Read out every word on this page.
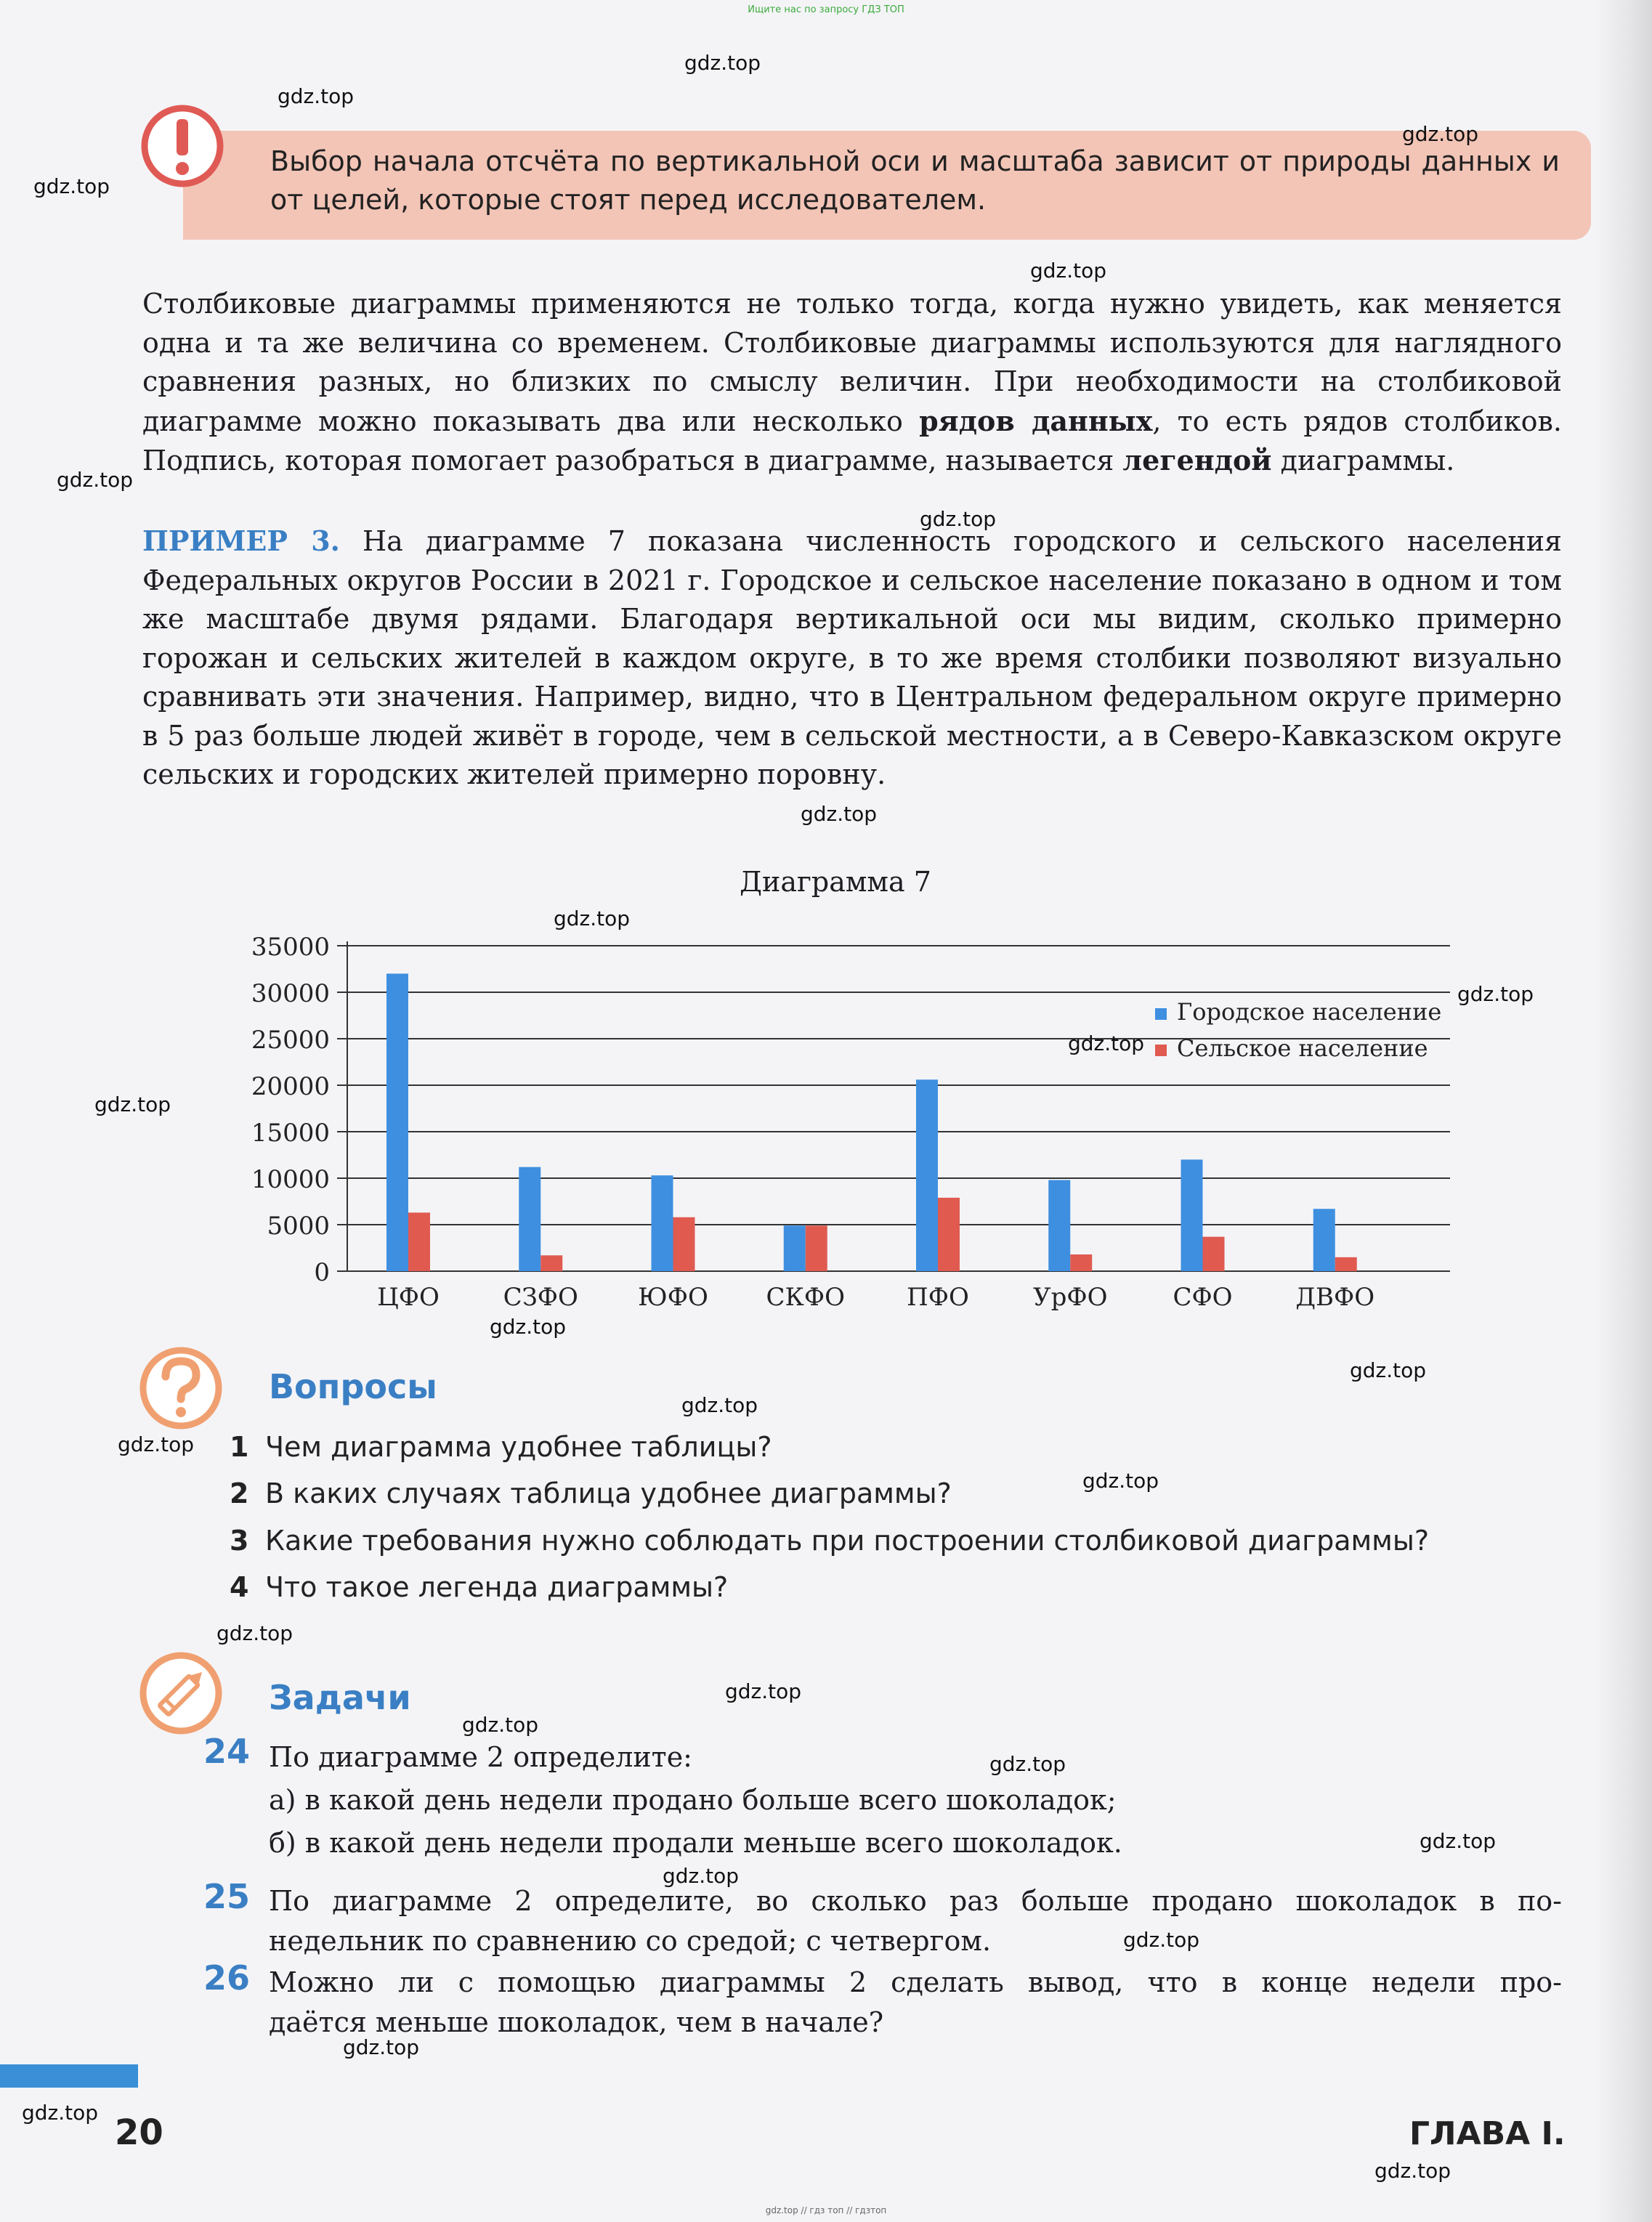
Ищите нас по запросу ГДЗ ТОП
Выбор начала отсчёта по вертикальной оси и масштаба зависит от природы данных и от целей, которые стоят перед исследователем.
Столбиковые диаграммы применяются не только тогда, когда нужно увидеть, как меняется одна и та же величина со временем. Столбиковые диаграммы используются для наглядного сравнения разных, но близких по смыслу величин. При необходимости на столбиковой диаграмме можно показывать два или несколько рядов данных, то есть рядов столбиков. Подпись, которая помогает разобраться в диаграмме, называется легендой диаграммы.
ПРИМЕР 3. На диаграмме 7 показана численность городского и сельского населения Федеральных округов России в 2021 г. Городское и сельское население показано в одном и том же масштабе двумя рядами. Благодаря вертикальной оси мы видим, сколько примерно горожан и сельских жителей в каждом округе, в то же время столбики позволяют визуально сравнивать эти значения. Например, видно, что в Центральном федеральном округе примерно в 5 раз больше людей живёт в городе, чем в сельской местности, а в Северо-Кавказском округе сельских и городских жителей примерно поровну.
Диаграмма 7
0
5000
10000
15000
20000
25000
30000
35000
ЦФО	СЗФО ЮФО СКФО	ПФО	УрФО	СФО	ДВФО
Городское население
Сельское население
Вопросы
1 Чем диаграмма удобнее таблицы?
2 В каких случаях таблица удобнее диаграммы?
3 Какие требования нужно соблюдать при построении столбиковой диаграммы?
4 Что такое легенда диаграммы?
Задачи
24 По диаграмме 2 определите:
а) в какой день недели продано больше всего шоколадок;
б) в какой день недели продали меньше всего шоколадок.
25 По диаграмме 2 определите, во сколько раз больше продано шоколадок в по-
недельник по сравнению со средой; с четвергом.
26 Можно ли с помощью диаграммы 2 сделать вывод, что в конце недели про-
даётся меньше шоколадок, чем в начале?
20	ГЛАВА I.
gdz.top // гдз топ // гдзтоп
gdz.top
gdz.top
gdz.top
gdz.top
gdz.top
gdz.top
gdz.top
gdz.top
gdz.top
gdz.top
gdz.top
gdz.top
gdz.top
gdz.top
gdz.top
gdz.top
gdz.top
gdz.top
gdz.top
gdz.top
gdz.top
gdz.top
gdz.top
gdz.top
gdz.top
gdz.top
gdz.top
